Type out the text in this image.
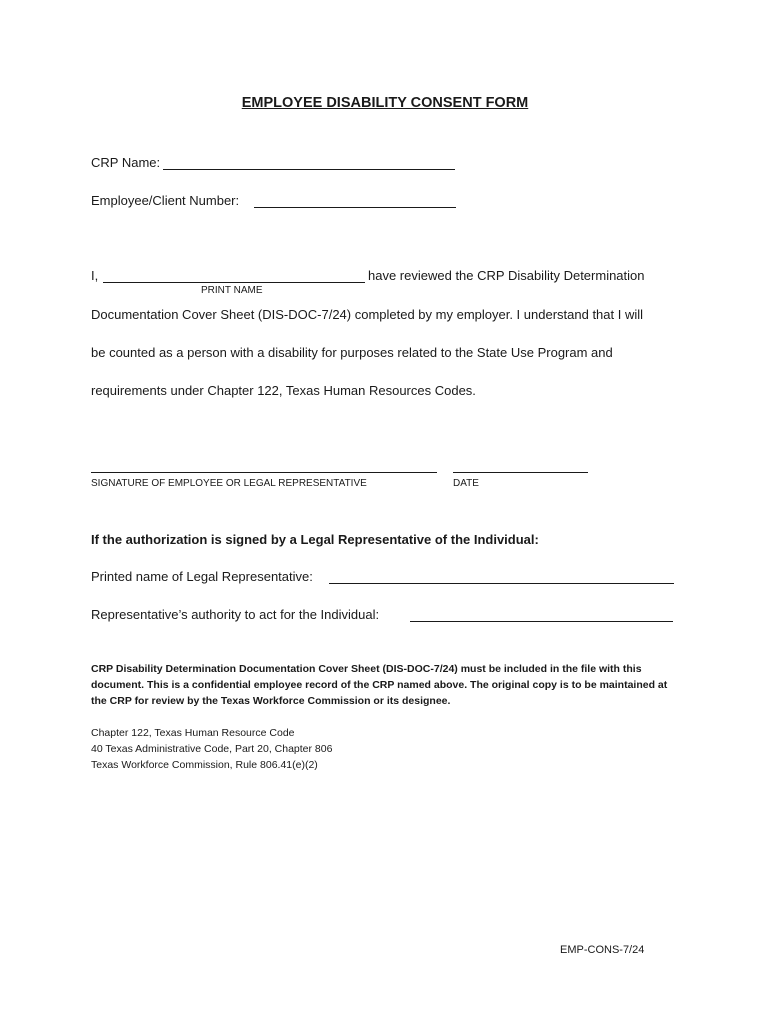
EMPLOYEE DISABILITY CONSENT FORM
CRP Name:
Employee/Client Number:
I,	have reviewed the CRP Disability Determination
PRINT NAME
Documentation Cover Sheet (DIS-DOC-7/24) completed by my employer. I understand that I will
be counted as a person with a disability for purposes related to the State Use Program and
requirements under Chapter 122, Texas Human Resources Codes.
SIGNATURE OF EMPLOYEE OR LEGAL REPRESENTATIVE	DATE
If the authorization is signed by a Legal Representative of the Individual:
Printed name of Legal Representative:
Representative’s authority to act for the Individual:
CRP Disability Determination Documentation Cover Sheet (DIS-DOC-7/24) must be included in the file with this document. This is a confidential employee record of the CRP named above. The original copy is to be maintained at the CRP for review by the Texas Workforce Commission or its designee.
Chapter 122, Texas Human Resource Code
40 Texas Administrative Code, Part 20, Chapter 806
Texas Workforce Commission, Rule 806.41(e)(2)
EMP-CONS-7/24
